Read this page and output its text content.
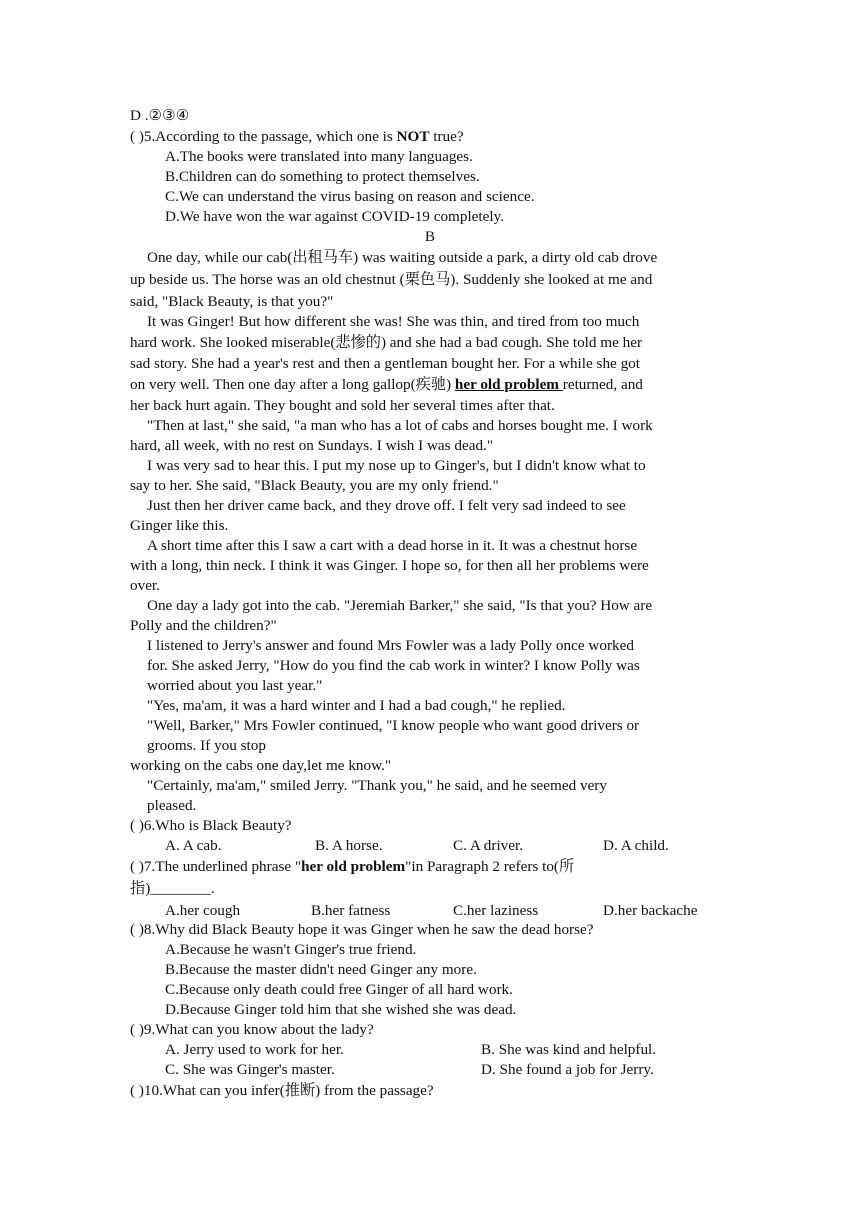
D .②③④
( )5.According to the passage, which one is NOT true?
A.The books were translated into many languages.
B.Children can do something to protect themselves.
C.We can understand the virus basing on reason and science.
D.We have won the war against COVID-19 completely.
B
One day, while our cab(出租马车) was waiting outside a park, a dirty old cab drove
up beside us. The horse was an old chestnut (栗色马). Suddenly she looked at me and
said, "Black Beauty, is that you?"
It was Ginger! But how different she was! She was thin, and tired from too much
hard work. She looked miserable(悲惨的) and she had a bad cough. She told me her
sad story. She had a year's rest and then a gentleman bought her. For a while she got
on very well. Then one day after a long gallop(疾驰) her old problem returned, and
her back hurt again. They bought and sold her several times after that.
"Then at last," she said, "a man who has a lot of cabs and horses bought me. I work
hard, all week, with no rest on Sundays. I wish I was dead."
I was very sad to hear this. I put my nose up to Ginger's, but I didn't know what to
say to her. She said, "Black Beauty, you are my only friend."
Just then her driver came back, and they drove off. I felt very sad indeed to see
Ginger like this.
A short time after this I saw a cart with a dead horse in it. It was a chestnut horse
with a long, thin neck. I think it was Ginger. I hope so, for then all her problems were
over.
One day a lady got into the cab. "Jeremiah Barker," she said, "Is that you? How are
Polly and the children?"
I listened to Jerry's answer and found Mrs Fowler was a lady Polly once worked
for. She asked Jerry, "How do you find the cab work in winter? I know Polly was
worried about you last year."
"Yes, ma'am, it was a hard winter and I had a bad cough," he replied.
"Well, Barker," Mrs Fowler continued, "I know people who want good drivers or
grooms. If you stop
working on the cabs one day,let me know."
"Certainly, ma'am," smiled Jerry. "Thank you," he said, and he seemed very
pleased.
( )6.Who is Black Beauty?
A. A cab.	B. A horse.	C. A driver.	D. A child.
( )7.The underlined phrase "her old problem"in Paragraph 2 refers to(所
指)________.
A.her cough	B.her fatness	C.her laziness	D.her backache
( )8.Why did Black Beauty hope it was Ginger when he saw the dead horse?
A.Because he wasn't Ginger's true friend.
B.Because the master didn't need Ginger any more.
C.Because only death could free Ginger of all hard work.
D.Because Ginger told him that she wished she was dead.
( )9.What can you know about the lady?
A. Jerry used to work for her.	B. She was kind and helpful.
C. She was Ginger's master.	D. She found a job for Jerry.
( )10.What can you infer(推断) from the passage?
